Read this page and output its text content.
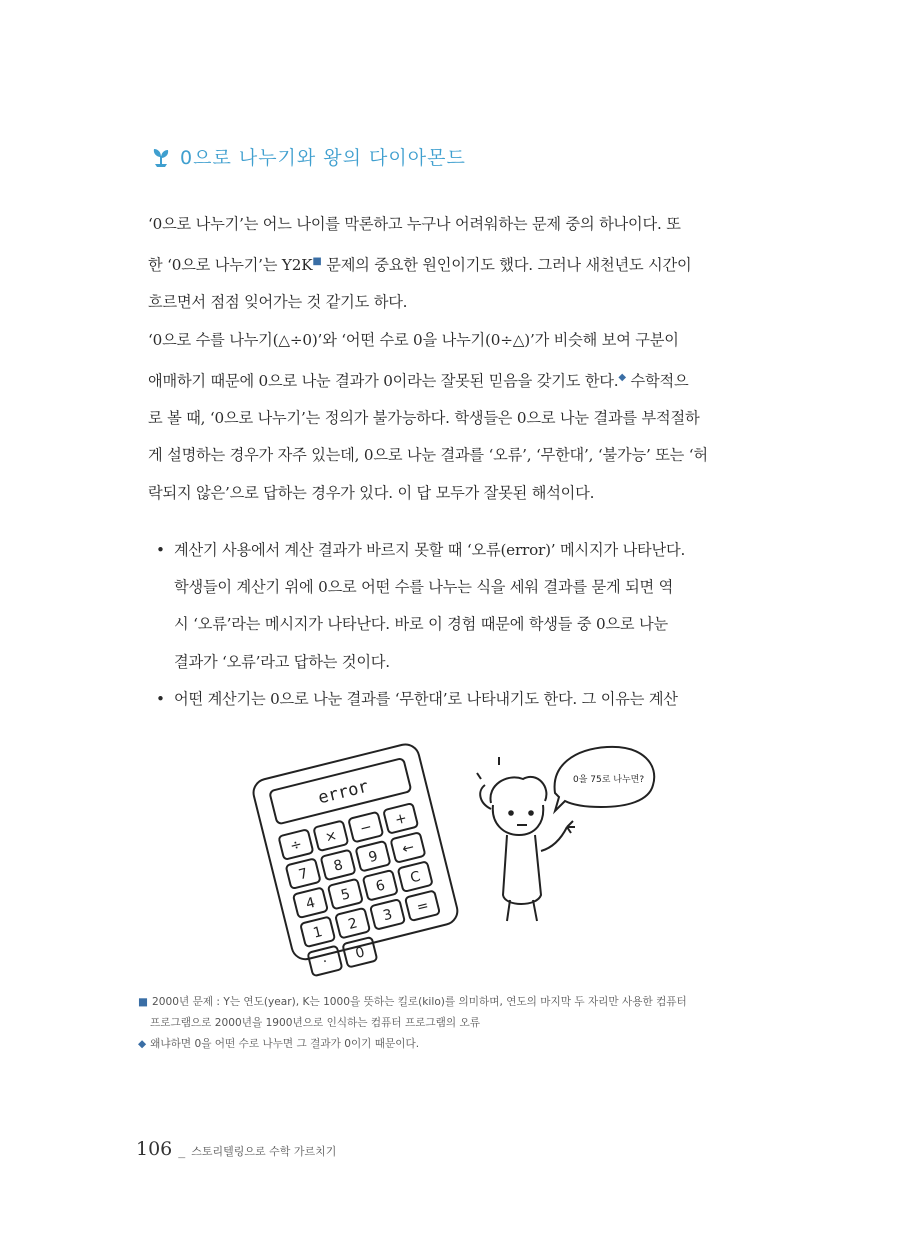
0으로 나누기와 왕의 다이아몬드

‘0으로 나누기’는 어느 나이를 막론하고 누구나 어려워하는 문제 중의 하나이다. 또
한 ‘0으로 나누기’는 Y2K■ 문제의 중요한 원인이기도 했다. 그러나 새천년도 시간이
흐르면서 점점 잊어가는 것 같기도 하다.

‘0으로 수를 나누기(△÷0)’와 ‘어떤 수로 0을 나누기(0÷△)’가 비슷해 보여 구분이
애매하기 때문에 0으로 나눈 결과가 0이라는 잘못된 믿음을 갖기도 한다.◆ 수학적으
로 볼 때, ‘0으로 나누기’는 정의가 불가능하다. 학생들은 0으로 나눈 결과를 부적절하
게 설명하는 경우가 자주 있는데, 0으로 나눈 결과를 ‘오류’, ‘무한대’, ‘불가능’ 또는 ‘허
락되지 않은’으로 답하는 경우가 있다. 이 답 모두가 잘못된 해석이다.

• 계산기 사용에서 계산 결과가 바르지 못할 때 ‘오류(error)’ 메시지가 나타난다.
학생들이 계산기 위에 0으로 어떤 수를 나누는 식을 세워 결과를 묻게 되면 역
시 ‘오류’라는 메시지가 나타난다. 바로 이 경험 때문에 학생들 중 0으로 나눈
결과가 ‘오류’라고 답하는 것이다.
• 어떤 계산기는 0으로 나눈 결과를 ‘무한대’로 나타내기도 한다. 그 이유는 계산
error
÷ × − +
7 8 9 ←
4 5 6 C
1 2 3 =
· 0
0을 75로 나누면?
■ 2000년 문제 : Y는 연도(year), K는 1000을 뜻하는 킬로(kilo)를 의미하며, 연도의 마지막 두 자리만 사용한 컴퓨터
프로그램으로 2000년을 1900년으로 인식하는 컴퓨터 프로그램의 오류
◆ 왜냐하면 0을 어떤 수로 나누면 그 결과가 0이기 때문이다.
106 _ 스토리텔링으로 수학 가르치기
